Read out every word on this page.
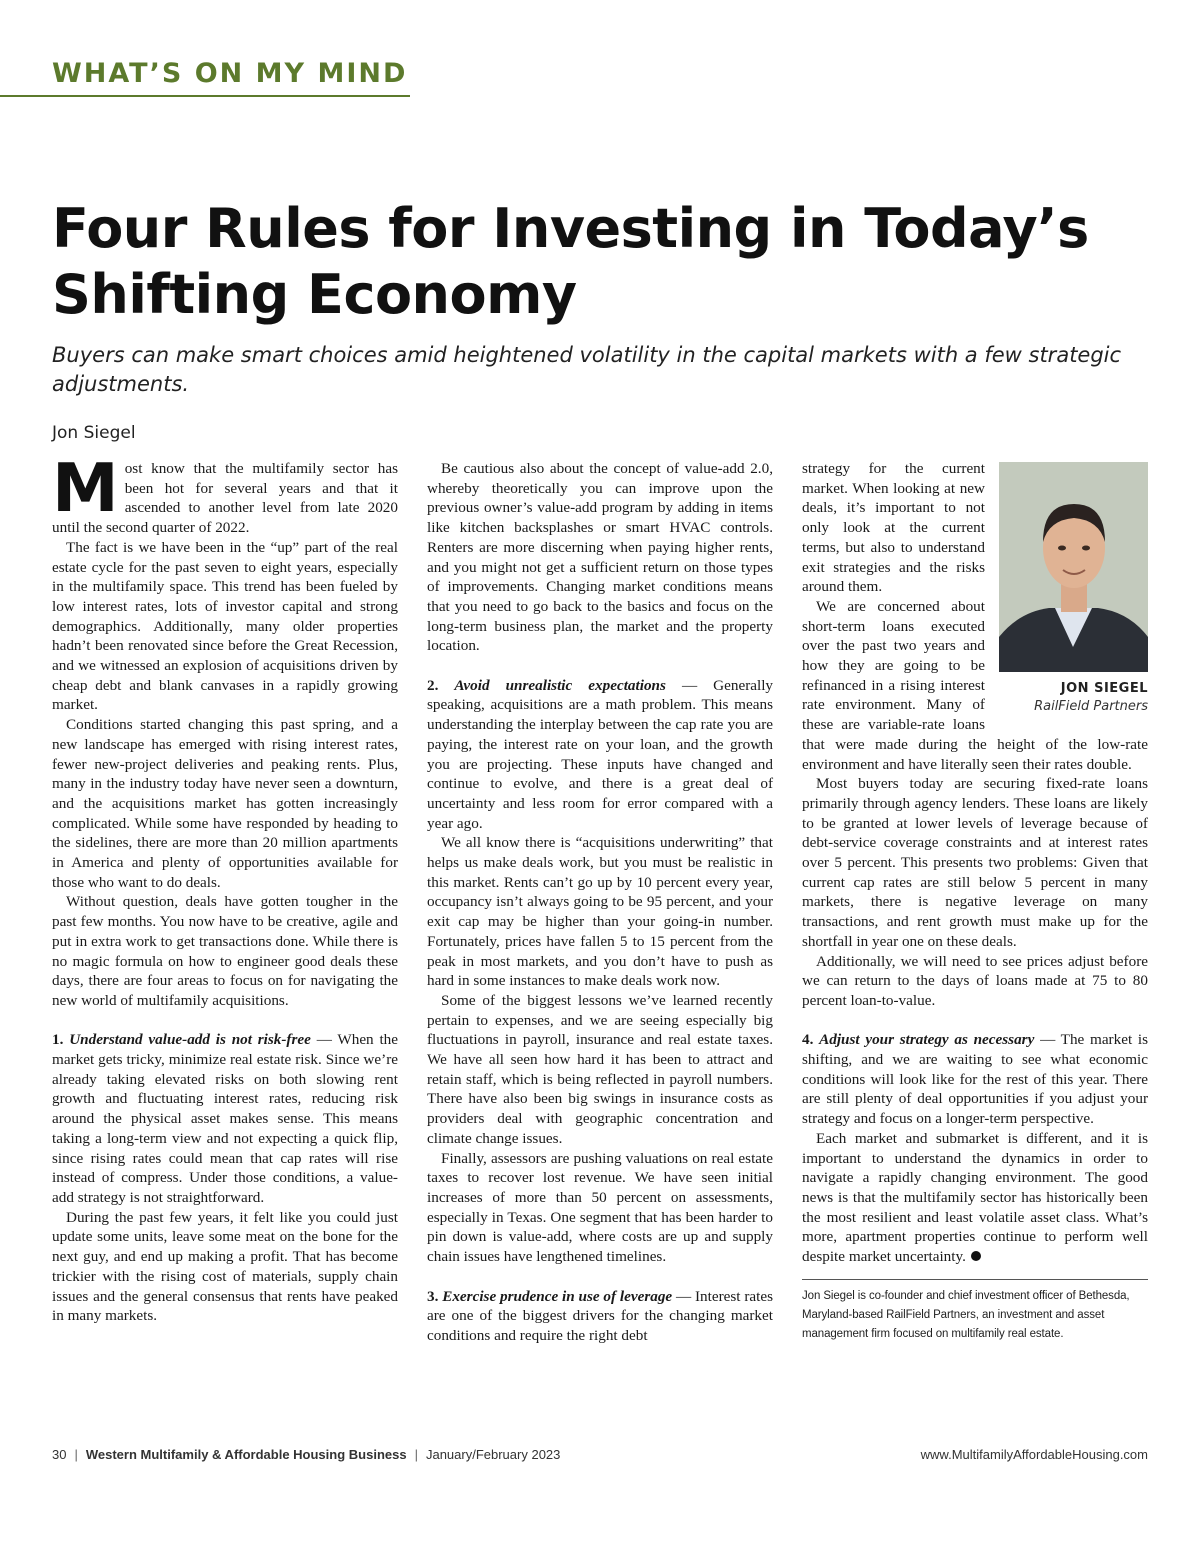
WHAT’S ON MY MIND
Four Rules for Investing in Today’s Shifting Economy

Buyers can make smart choices amid heightened volatility in the capital markets with a few strategic adjustments.

Jon Siegel

Most know that the multifamily sector has been hot for several years and that it ascended to another level from late 2020 until the second quarter of 2022.

The fact is we have been in the “up” part of the real estate cycle for the past seven to eight years, especially in the multifamily space. This trend has been fueled by low interest rates, lots of investor capital and strong demographics. Additionally, many older properties hadn’t been renovated since before the Great Recession, and we witnessed an explosion of acquisitions driven by cheap debt and blank canvases in a rapidly growing market.

Conditions started changing this past spring, and a new landscape has emerged with rising interest rates, fewer new-project deliveries and peaking rents. Plus, many in the industry today have never seen a downturn, and the acquisitions market has gotten increasingly complicated. While some have responded by heading to the sidelines, there are more than 20 million apartments in America and plenty of opportunities available for those who want to do deals.

Without question, deals have gotten tougher in the past few months. You now have to be creative, agile and put in extra work to get transactions done. While there is no magic formula on how to engineer good deals these days, there are four areas to focus on for navigating the new world of multifamily acquisitions.

1. Understand value-add is not risk-free — When the market gets tricky, minimize real estate risk. Since we’re already taking elevated risks on both slowing rent growth and fluctuating interest rates, reducing risk around the physical asset makes sense. This means taking a long-term view and not expecting a quick flip, since rising rates could mean that cap rates will rise instead of compress. Under those conditions, a value-add strategy is not straightforward.

During the past few years, it felt like you could just update some units, leave some meat on the bone for the next guy, and end up making a profit. That has become trickier with the rising cost of materials, supply chain issues and the general consensus that rents have peaked in many markets.

Be cautious also about the concept of value-add 2.0, whereby theoretically you can improve upon the previous owner’s value-add program by adding in items like kitchen backsplashes or smart HVAC controls. Renters are more discerning when paying higher rents, and you might not get a sufficient return on those types of improvements. Changing market conditions means that you need to go back to the basics and focus on the long-term business plan, the market and the property location.

2. Avoid unrealistic expectations — Generally speaking, acquisitions are a math problem. This means understanding the interplay between the cap rate you are paying, the interest rate on your loan, and the growth you are projecting. These inputs have changed and continue to evolve, and there is a great deal of uncertainty and less room for error compared with a year ago.

We all know there is “acquisitions underwriting” that helps us make deals work, but you must be realistic in this market. Rents can’t go up by 10 percent every year, occupancy isn’t always going to be 95 percent, and your exit cap may be higher than your going-in number. Fortunately, prices have fallen 5 to 15 percent from the peak in most markets, and you don’t have to push as hard in some instances to make deals work now.

Some of the biggest lessons we’ve learned recently pertain to expenses, and we are seeing especially big fluctuations in payroll, insurance and real estate taxes. We have all seen how hard it has been to attract and retain staff, which is being reflected in payroll numbers. There have also been big swings in insurance costs as providers deal with geographic concentration and climate change issues.

Finally, assessors are pushing valuations on real estate taxes to recover lost revenue. We have seen initial increases of more than 50 percent on assessments, especially in Texas. One segment that has been harder to pin down is value-add, where costs are up and supply chain issues have lengthened timelines.

3. Exercise prudence in use of leverage — Interest rates are one of the biggest drivers for the changing market conditions and require the right debt

JON SIEGEL
RailField Partners

strategy for the current market. When looking at new deals, it’s important to not only look at the current terms, but also to understand exit strategies and the risks around them.

We are concerned about short-term loans executed over the past two years and how they are going to be refinanced in a rising interest rate environment. Many of these are variable-rate loans that were made during the height of the low-rate environment and have literally seen their rates double.

Most buyers today are securing fixed-rate loans primarily through agency lenders. These loans are likely to be granted at lower levels of leverage because of debt-service coverage constraints and at interest rates over 5 percent. This presents two problems: Given that current cap rates are still below 5 percent in many markets, there is negative leverage on many transactions, and rent growth must make up for the shortfall in year one on these deals.

Additionally, we will need to see prices adjust before we can return to the days of loans made at 75 to 80 percent loan-to-value.

4. Adjust your strategy as necessary — The market is shifting, and we are waiting to see what economic conditions will look like for the rest of this year. There are still plenty of deal opportunities if you adjust your strategy and focus on a longer-term perspective.

Each market and submarket is different, and it is important to understand the dynamics in order to navigate a rapidly changing environment. The good news is that the multifamily sector has historically been the most resilient and least volatile asset class. What’s more, apartment properties continue to perform well despite market uncertainty.

Jon Siegel is co-founder and chief investment officer of Bethesda, Maryland-based RailField Partners, an investment and asset management firm focused on multifamily real estate.
30 | Western Multifamily & Affordable Housing Business | January/February 2023	www.MultifamilyAffordableHousing.com
